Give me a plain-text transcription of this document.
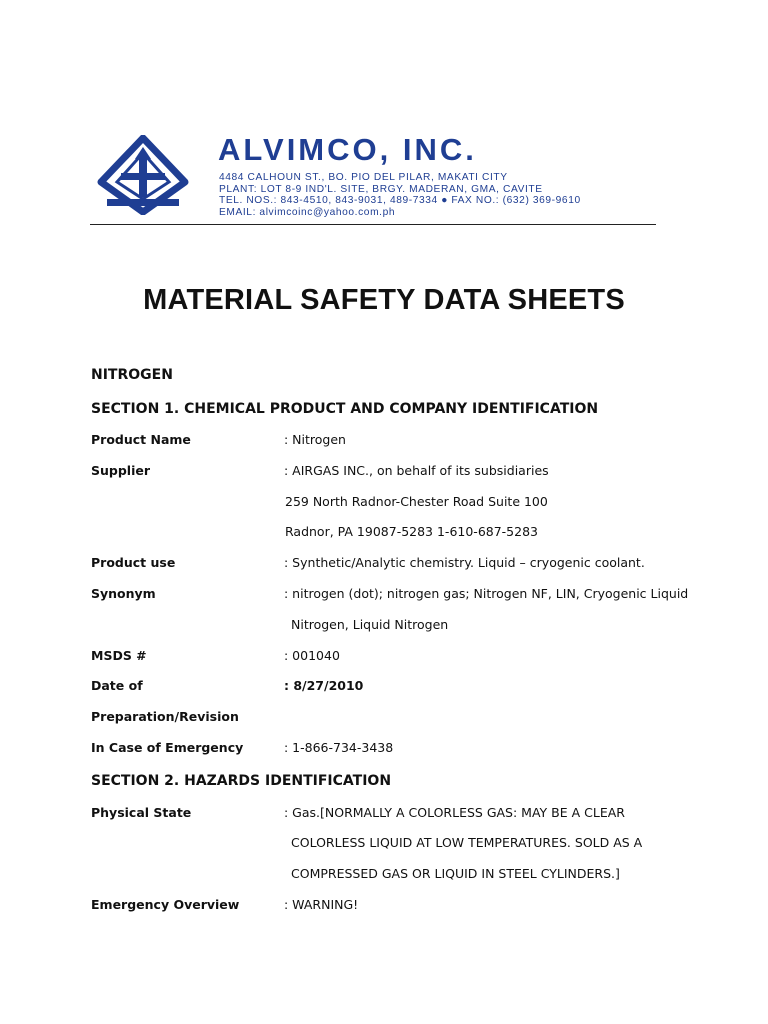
ALVIMCO, INC.
4484 CALHOUN ST., BO. PIO DEL PILAR, MAKATI CITY
PLANT: LOT 8-9 IND'L. SITE, BRGY. MADERAN, GMA, CAVITE
TEL. NOS.: 843-4510, 843-9031, 489-7334 ● FAX NO.: (632) 369-9610
EMAIL: alvimcoinc@yahoo.com.ph
MATERIAL SAFETY DATA SHEETS
NITROGEN
SECTION 1. CHEMICAL PRODUCT AND COMPANY IDENTIFICATION
Product Name	: Nitrogen
Supplier	: AIRGAS INC., on behalf of its subsidiaries
259 North Radnor-Chester Road Suite 100
Radnor, PA 19087-5283 1-610-687-5283
Product use	: Synthetic/Analytic chemistry. Liquid – cryogenic coolant.
Synonym	: nitrogen (dot); nitrogen gas; Nitrogen NF, LIN, Cryogenic Liquid
Nitrogen, Liquid Nitrogen
MSDS #	: 001040
Date of	: 8/27/2010
Preparation/Revision
In Case of Emergency	: 1-866-734-3438
SECTION 2. HAZARDS IDENTIFICATION
Physical State	: Gas.[NORMALLY A COLORLESS GAS: MAY BE A CLEAR
COLORLESS LIQUID AT LOW TEMPERATURES. SOLD AS A
COMPRESSED GAS OR LIQUID IN STEEL CYLINDERS.]
Emergency Overview	: WARNING!
